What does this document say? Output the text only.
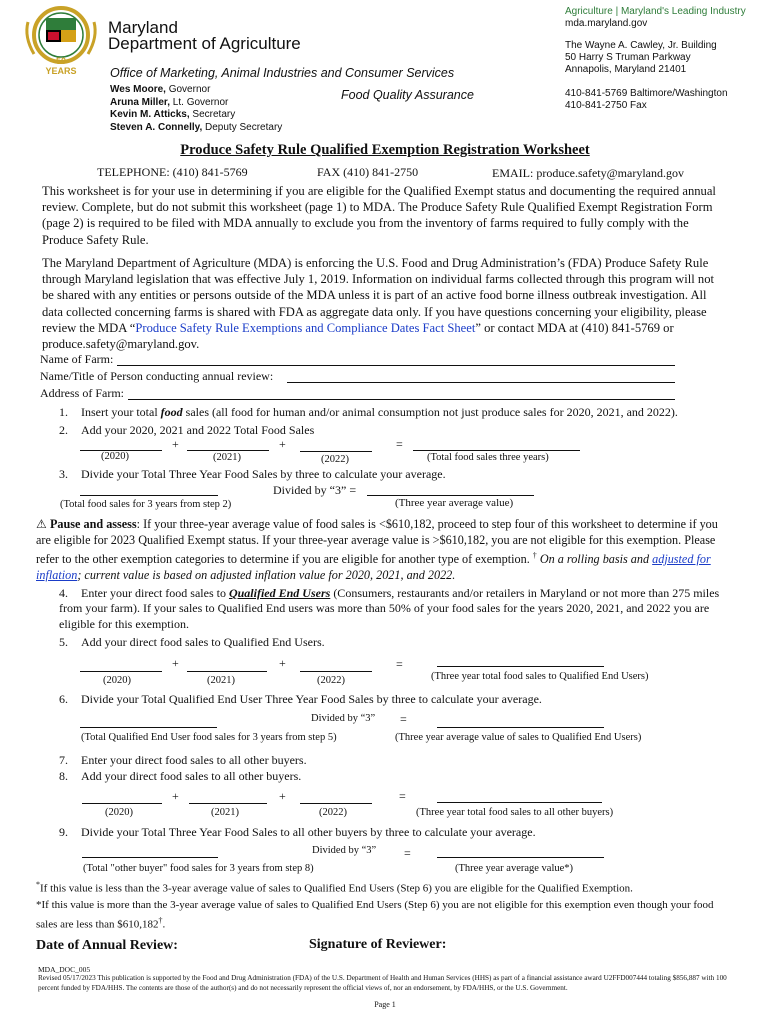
50 YEARS
Maryland
Department of Agriculture
Office of Marketing, Animal Industries and Consumer Services
Food Quality Assurance
Wes Moore, Governor
Aruna Miller, Lt. Governor
Kevin M. Atticks, Secretary
Steven A. Connelly, Deputy Secretary
Agriculture | Maryland's Leading Industry
mda.maryland.gov
The Wayne A. Cawley, Jr. Building
50 Harry S Truman Parkway
Annapolis, Maryland 21401
410-841-5769 Baltimore/Washington
410-841-2750 Fax
Produce Safety Rule Qualified Exemption Registration Worksheet
TELEPHONE: (410) 841-5769	FAX (410) 841-2750	EMAIL: produce.safety@maryland.gov
This worksheet is for your use in determining if you are eligible for the Qualified Exempt status and documenting the required annual review. Complete, but do not submit this worksheet (page 1) to MDA. The Produce Safety Rule Qualified Exempt Registration Form (page 2) is required to be filed with MDA annually to exclude you from the inventory of farms required to fully comply with the Produce Safety Rule.
The Maryland Department of Agriculture (MDA) is enforcing the U.S. Food and Drug Administration’s (FDA) Produce Safety Rule through Maryland legislation that was effective July 1, 2019. Information on individual farms collected through this program will not be shared with any entities or persons outside of the MDA unless it is part of an active food borne illness outbreak investigation. All data collected concerning farms is shared with FDA as aggregate data only. If you have questions concerning your eligibility, please review the MDA “Produce Safety Rule Exemptions and Compliance Dates Fact Sheet” or contact MDA at (410) 841-5769 or produce.safety@maryland.gov.
Name of Farm:
Name/Title of Person conducting annual review:
Address of Farm:
1. Insert your total food sales (all food for human and/or animal consumption not just produce sales for 2020, 2021, and 2022).
2. Add your 2020, 2021 and 2022 Total Food Sales
+	+	=
(2020)	(2021)	(2022)	(Total food sales three years)
3. Divide your Total Three Year Food Sales by three to calculate your average.
Divided by “3” =
(Total food sales for 3 years from step 2)	(Three year average value)
⚠ Pause and assess: If your three-year average value of food sales is <$610,182, proceed to step four of this worksheet to determine if you are eligible for 2023 Qualified Exempt status. If your three-year average value is >$610,182, you are not eligible for this exemption. Please refer to the other exemption categories to determine if you are eligible for another type of exemption. † On a rolling basis and adjusted for inflation; current value is based on adjusted inflation value for 2020, 2021, and 2022.
4. Enter your direct food sales to Qualified End Users (Consumers, restaurants and/or retailers in Maryland or not more than 275 miles from your farm). If your sales to Qualified End users was more than 50% of your food sales for the years 2020, 2021, and 2022 you are eligible for this exemption.
5. Add your direct food sales to Qualified End Users.
+	+	=
(2020)	(2021)	(2022)	(Three year total food sales to Qualified End Users)
6. Divide your Total Qualified End User Three Year Food Sales by three to calculate your average.
Divided by “3” =
(Total Qualified End User food sales for 3 years from step 5)	(Three year average value of sales to Qualified End Users)
7. Enter your direct food sales to all other buyers.
8. Add your direct food sales to all other buyers.
+	+	=
(2020)	(2021)	(2022)	(Three year total food sales to all other buyers)
9. Divide your Total Three Year Food Sales to all other buyers by three to calculate your average.
Divided by “3” =
(Total "other buyer" food sales for 3 years from step 8)	(Three year average value*)
*If this value is less than the 3-year average value of sales to Qualified End Users (Step 6) you are eligible for the Qualified Exemption.
*If this value is more than the 3-year average value of sales to Qualified End Users (Step 6) you are not eligible for this exemption even though your food sales are less than $610,182†.
Date of Annual Review:	Signature of Reviewer:
MDA_DOC_005
Revised 05/17/2023 This publication is supported by the Food and Drug Administration (FDA) of the U.S. Department of Health and Human Services (HHS) as part of a financial assistance award U2FFD007444 totaling $856,887 with 100 percent funded by FDA/HHS. The contents are those of the author(s) and do not necessarily represent the official views of, nor an endorsement, by FDA/HHS, or the U.S. Government.
Page 1
